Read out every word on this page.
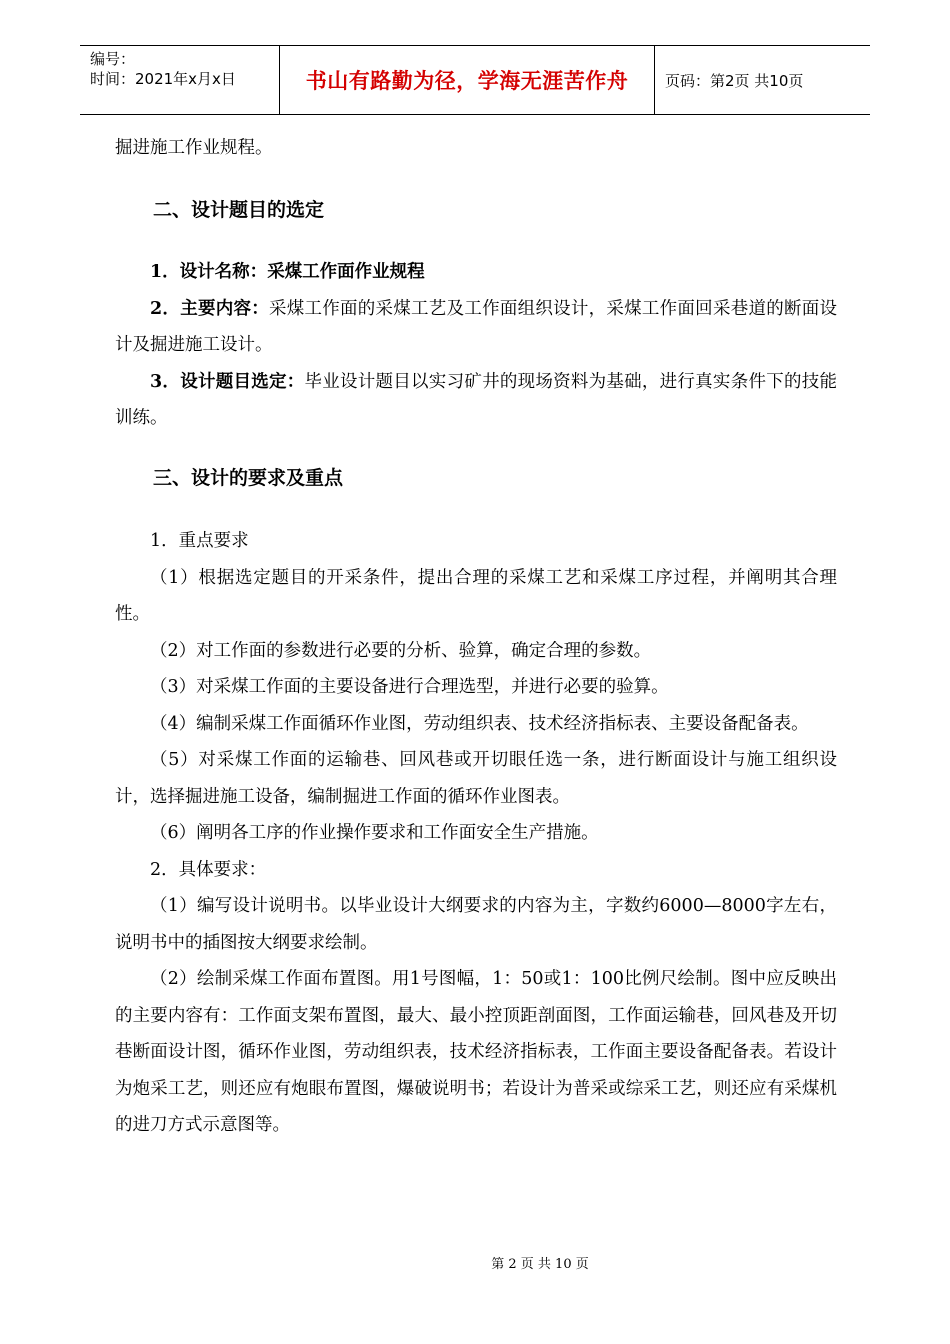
编号：
时间：2021年x月x日	书山有路勤为径，学海无涯苦作舟	页码：第2页 共10页

掘进施工作业规程。

二、设计题目的选定

1．设计名称：采煤工作面作业规程

2．主要内容：采煤工作面的采煤工艺及工作面组织设计，采煤工作面回采巷道的断面设计及掘进施工设计。

3．设计题目选定：毕业设计题目以实习矿井的现场资料为基础，进行真实条件下的技能训练。

三、设计的要求及重点

1．重点要求

（1）根据选定题目的开采条件，提出合理的采煤工艺和采煤工序过程，并阐明其合理性。

（2）对工作面的参数进行必要的分析、验算，确定合理的参数。

（3）对采煤工作面的主要设备进行合理选型，并进行必要的验算。

（4）编制采煤工作面循环作业图，劳动组织表、技术经济指标表、主要设备配备表。

（5）对采煤工作面的运输巷、回风巷或开切眼任选一条，进行断面设计与施工组织设计，选择掘进施工设备，编制掘进工作面的循环作业图表。

（6）阐明各工序的作业操作要求和工作面安全生产措施。

2．具体要求：

（1）编写设计说明书。以毕业设计大纲要求的内容为主，字数约6000—8000字左右，说明书中的插图按大纲要求绘制。

（2）绘制采煤工作面布置图。用1号图幅，1：50或1：100比例尺绘制。图中应反映出的主要内容有：工作面支架布置图，最大、最小控顶距剖面图，工作面运输巷，回风巷及开切巷断面设计图，循环作业图，劳动组织表，技术经济指标表，工作面主要设备配备表。若设计为炮采工艺，则还应有炮眼布置图，爆破说明书；若设计为普采或综采工艺，则还应有采煤机的进刀方式示意图等。

第 2 页 共 10 页
